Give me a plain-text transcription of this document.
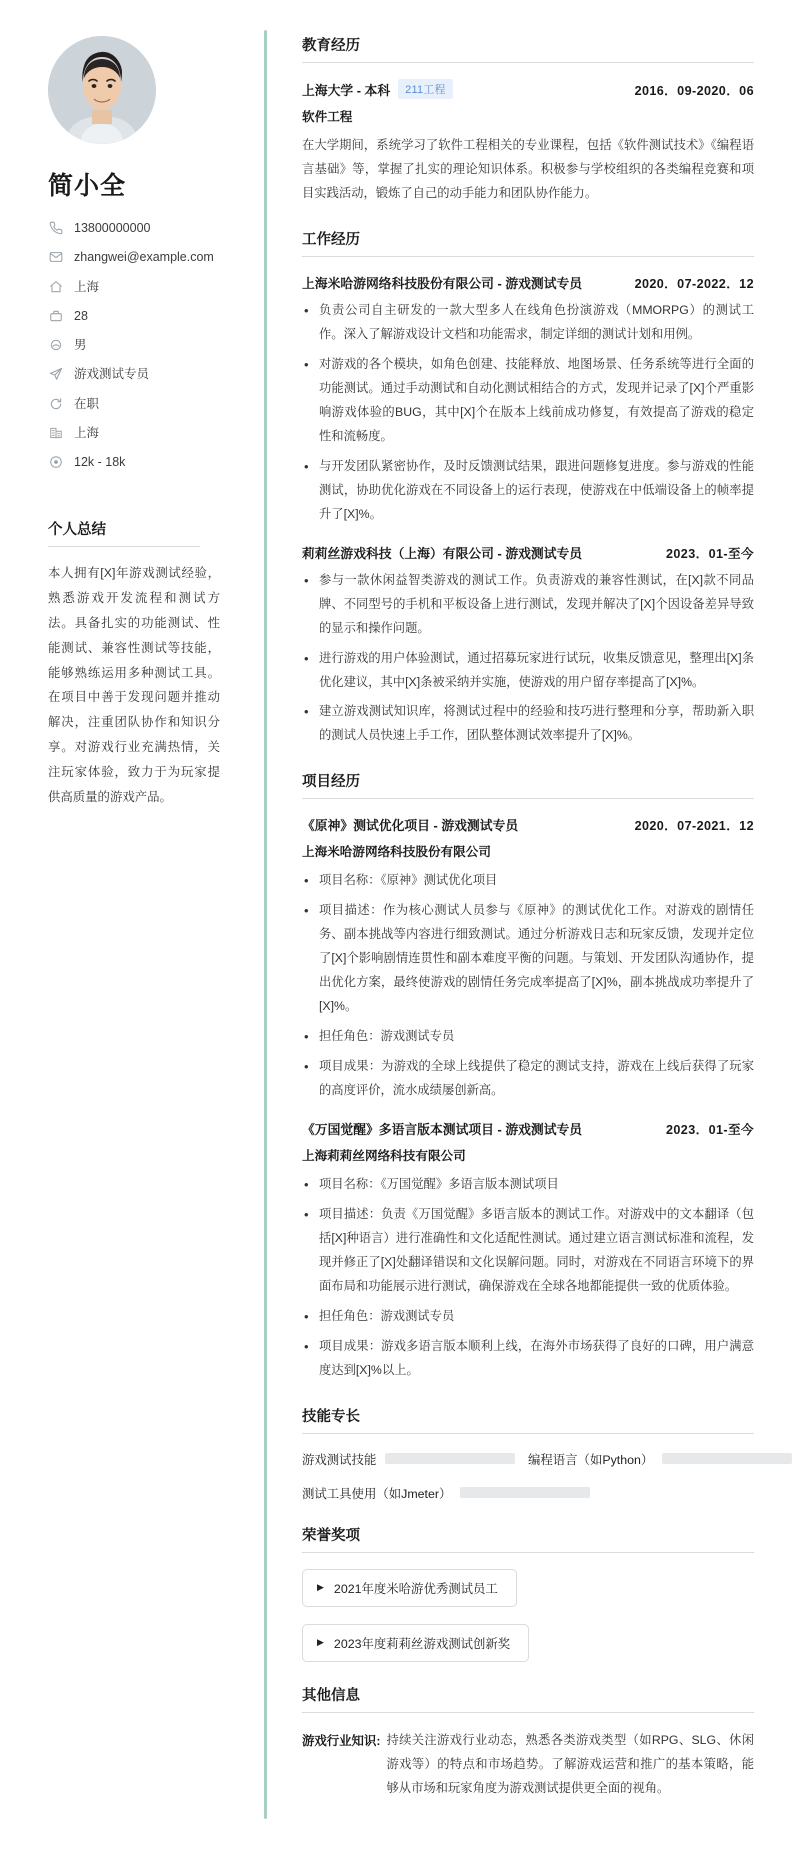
简小全
13800000000
zhangwei@example.com
上海
28
男
游戏测试专员
在职
上海
12k - 18k
个人总结

本人拥有[X]年游戏测试经验，熟悉游戏开发流程和测试方法。具备扎实的功能测试、性能测试、兼容性测试等技能，能够熟练运用多种测试工具。在项目中善于发现问题并推动解决，注重团队协作和知识分享。对游戏行业充满热情，关注玩家体验，致力于为玩家提供高质量的游戏产品。

教育经历
上海大学 - 本科	211工程	2016．09-2020．06
软件工程

在大学期间，系统学习了软件工程相关的专业课程，包括《软件测试技术》《编程语言基础》等，掌握了扎实的理论知识体系。积极参与学校组织的各类编程竞赛和项目实践活动，锻炼了自己的动手能力和团队协作能力。

工作经历
上海米哈游网络科技股份有限公司 - 游戏测试专员	2020．07-2022．12
• 负责公司自主研发的一款大型多人在线角色扮演游戏（MMORPG）的测试工作。深入了解游戏设计文档和功能需求，制定详细的测试计划和用例。
• 对游戏的各个模块，如角色创建、技能释放、地图场景、任务系统等进行全面的功能测试。通过手动测试和自动化测试相结合的方式，发现并记录了[X]个严重影响游戏体验的BUG，其中[X]个在版本上线前成功修复，有效提高了游戏的稳定性和流畅度。
• 与开发团队紧密协作，及时反馈测试结果，跟进问题修复进度。参与游戏的性能测试，协助优化游戏在不同设备上的运行表现，使游戏在中低端设备上的帧率提升了[X]%。
莉莉丝游戏科技（上海）有限公司 - 游戏测试专员	2023．01-至今
• 参与一款休闲益智类游戏的测试工作。负责游戏的兼容性测试，在[X]款不同品牌、不同型号的手机和平板设备上进行测试，发现并解决了[X]个因设备差异导致的显示和操作问题。
• 进行游戏的用户体验测试，通过招募玩家进行试玩，收集反馈意见，整理出[X]条优化建议，其中[X]条被采纳并实施，使游戏的用户留存率提高了[X]%。
• 建立游戏测试知识库，将测试过程中的经验和技巧进行整理和分享，帮助新入职的测试人员快速上手工作，团队整体测试效率提升了[X]%。
项目经历
《原神》测试优化项目 - 游戏测试专员	2020．07-2021．12
上海米哈游网络科技股份有限公司
• 项目名称：《原神》测试优化项目
• 项目描述：作为核心测试人员参与《原神》的测试优化工作。对游戏的剧情任务、副本挑战等内容进行细致测试。通过分析游戏日志和玩家反馈，发现并定位了[X]个影响剧情连贯性和副本难度平衡的问题。与策划、开发团队沟通协作，提出优化方案，最终使游戏的剧情任务完成率提高了[X]%，副本挑战成功率提升了[X]%。
• 担任角色：游戏测试专员
• 项目成果：为游戏的全球上线提供了稳定的测试支持，游戏在上线后获得了玩家的高度评价，流水成绩屡创新高。
《万国觉醒》多语言版本测试项目 - 游戏测试专员	2023．01-至今
上海莉莉丝网络科技有限公司
• 项目名称：《万国觉醒》多语言版本测试项目
• 项目描述：负责《万国觉醒》多语言版本的测试工作。对游戏中的文本翻译（包括[X]种语言）进行准确性和文化适配性测试。通过建立语言测试标准和流程，发现并修正了[X]处翻译错误和文化误解问题。同时，对游戏在不同语言环境下的界面布局和功能展示进行测试，确保游戏在全球各地都能提供一致的优质体验。
• 担任角色：游戏测试专员
• 项目成果：游戏多语言版本顺利上线，在海外市场获得了良好的口碑，用户满意度达到[X]%以上。
技能专长
游戏测试技能	编程语言（如Python）
测试工具使用（如Jmeter）
荣誉奖项
▶ 2021年度米哈游优秀测试员工
▶ 2023年度莉莉丝游戏测试创新奖
其他信息
游戏行业知识: 持续关注游戏行业动态，熟悉各类游戏类型（如RPG、SLG、休闲游戏等）的特点和市场趋势。了解游戏运营和推广的基本策略，能够从市场和玩家角度为游戏测试提供更全面的视角。
